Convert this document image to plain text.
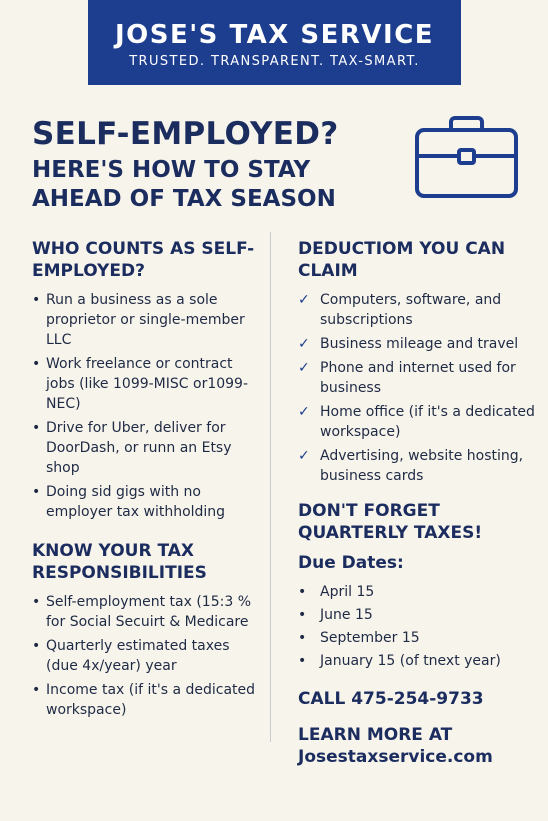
JOSE'S TAX SERVICE
TRUSTED. TRANSPARENT. TAX-SMART.
SELF-EMPLOYED?
HERE'S HOW TO STAY AHEAD OF TAX SEASON
WHO COUNTS AS SELF-EMPLOYED?
• Run a business as a sole proprietor or single-member LLC
• Work freelance or contract jobs (like 1099-MISC or1099-NEC)
• Drive for Uber, deliver for DoorDash, or runn an Etsy shop
• Doing sid gigs with no employer tax withholding
KNOW YOUR TAX RESPONSIBILITIES
• Self-employment tax (15:3 % for Social Secuirt & Medicare
• Quarterly estimated taxes (due 4x/year) year
• Income tax (if it's a dedicated workspace)
DEDUCTIOM YOU CAN CLAIM
✓ Computers, software, and subscriptions
✓ Business mileage and travel
✓ Phone and internet used for business
✓ Home office (if it's a dedicated workspace)
✓ Advertising, website hosting, business cards
DON'T FORGET QUARTERLY TAXES!
Due Dates:
• April 15
• June 15
• September 15
• January 15 (of tnext year)
CALL 475-254-9733
LEARN MORE AT
Josestaxservice.com
